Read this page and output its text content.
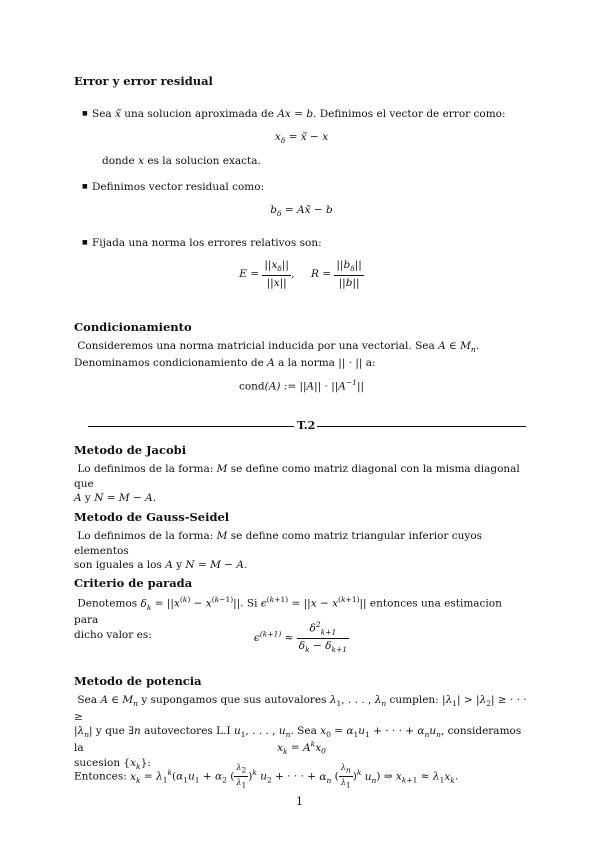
Error y error residual
■ Sea x̃ una solucion aproximada de Ax = b. Definimos el vector de error como:
$x_\delta$ = x̃ − x
donde x es la solucion exacta.
■ Definimos vector residual como:
$b_\delta$ = Ax̃ − b
■ Fijada una norma los errores relativos son:
$E = \frac{||x_\delta||}{||x||}$ ,     $R = \frac{||b_\delta||}{||b||}$
Condicionamiento
Consideremos una norma matricial inducida por una vectorial. Sea A ∈ $M_n$.
Denominamos condicionamiento de A a la norma || · || a:
cond(A) := $||A|| \cdot ||A^{-1}||$
T.2
Metodo de Jacobi
Lo definimos de la forma: M se define como matriz diagonal con la misma diagonal que
A y N = M − A.
Metodo de Gauss-Seidel
Lo definimos de la forma: M se define como matriz triangular inferior cuyos elementos
son iguales a los A y N = M − A.
Criterio de parada
Denotemos $\delta_k = ||x^{(k)} - x^{(k-1)}||$. Si $\epsilon^{(k+1)} = ||x - x^{(k+1)}||$ entonces una estimacion para
dicho valor es:	$\epsilon^{(k+1)} \approx \frac{\delta^2_{k+1}}{\delta_k - \delta_{k+1}}$
Metodo de potencia
Sea A ∈ $M_n$ y supongamos que sus autovalores $\lambda_1$, . . . , $\lambda_n$ cumplen: $|\lambda_1| > |\lambda_2|$ ≥ · · · ≥
$|\lambda_n|$ y que ∃n autovectores L.I $u_1$, . . . , $u_n$. Sea $x_0 = \alpha_1u_1$ + · · · + $\alpha_nu_n$, consideramos la
sucesion $\{x_k\}$:
$x_k = A^kx_0$
Entonces: $x_k = \lambda_1^k(\alpha_1u_1 + \alpha_2$ ( $\frac{\lambda_2}{\lambda_1} )^k$ $u_2$ + · · · + $\alpha_n$ ( $\frac{\lambda_n}{\lambda_1} )^k$ $u_n$) ⇒ $x_{k+1} \approx \lambda_1x_k$.
1
